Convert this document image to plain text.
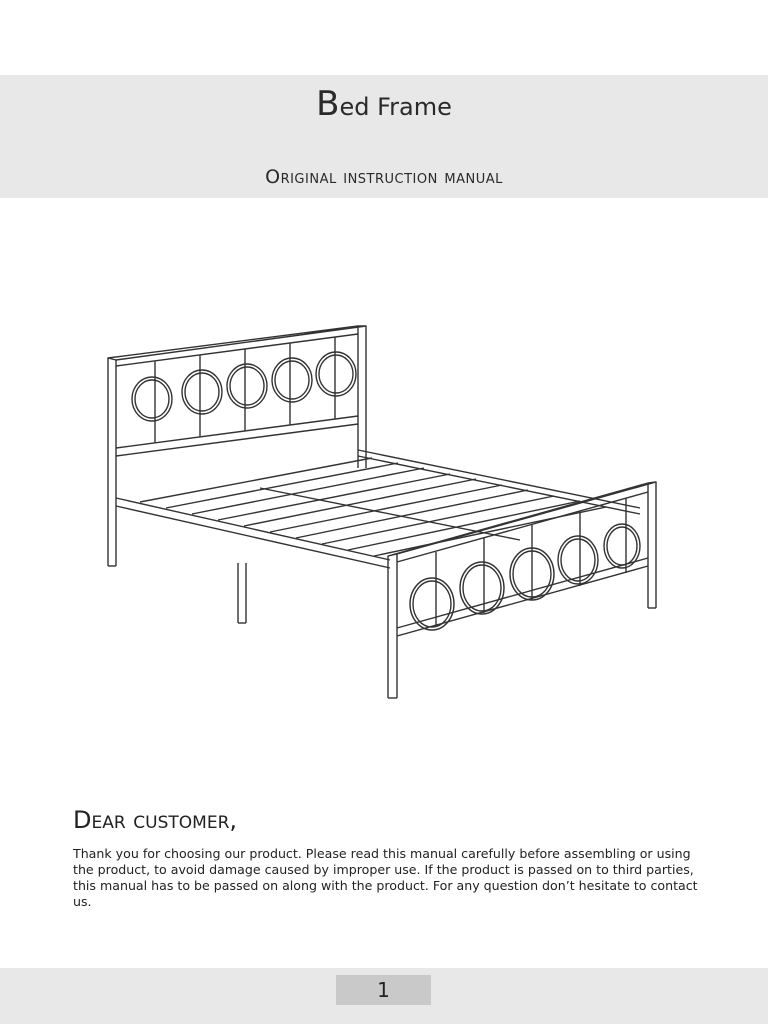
Bed Frame
Original instruction manual
Dear customer,

Thank you for choosing our product. Please read this manual carefully before assembling or using the product, to avoid damage caused by improper use. If the product is passed on to third parties, this manual has to be passed on along with the product. For any question don’t hesitate to contact us.

1
